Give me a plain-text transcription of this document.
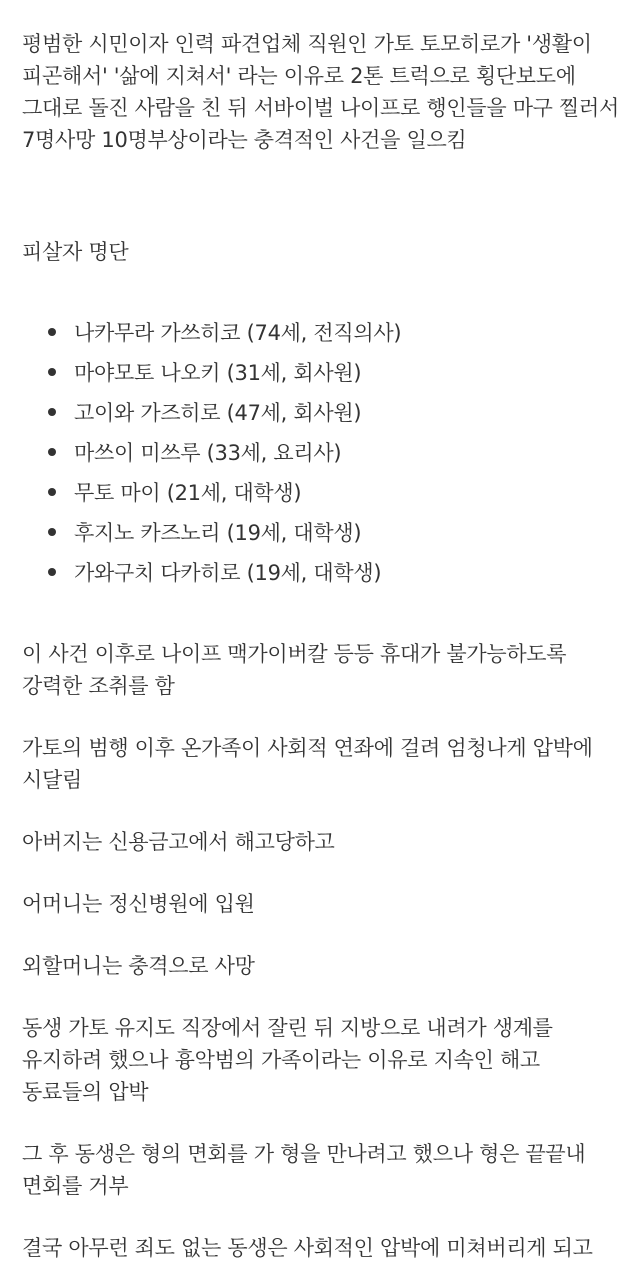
평범한 시민이자 인력 파견업체 직원인 가토 토모히로가 '생활이 피곤해서' '삶에 지쳐서' 라는 이유로 2톤 트럭으로 횡단보도에 그대로 돌진 사람을 친 뒤 서바이벌 나이프로 행인들을 마구 찔러서 7명사망 10명부상이라는 충격적인 사건을 일으킴

피살자 명단

나카무라 가쓰히코 (74세, 전직의사)
마야모토 나오키 (31세, 회사원)
고이와 가즈히로 (47세, 회사원)
마쓰이 미쓰루 (33세, 요리사)
무토 마이 (21세, 대학생)
후지노 카즈노리 (19세, 대학생)
가와구치 다카히로 (19세, 대학생)

이 사건 이후로 나이프 맥가이버칼 등등 휴대가 불가능하도록 강력한 조취를 함

가토의 범행 이후 온가족이 사회적 연좌에 걸려 엄청나게 압박에 시달림

아버지는 신용금고에서 해고당하고

어머니는 정신병원에 입원

외할머니는 충격으로 사망

동생 가토 유지도 직장에서 잘린 뒤 지방으로 내려가 생계를 유지하려 했으나 흉악범의 가족이라는 이유로 지속인 해고 동료들의 압박

그 후 동생은 형의 면회를 가 형을 만나려고 했으나 형은 끝끝내 면회를 거부

결국 아무런 죄도 없는 동생은 사회적인 압박에 미쳐버리게 되고
